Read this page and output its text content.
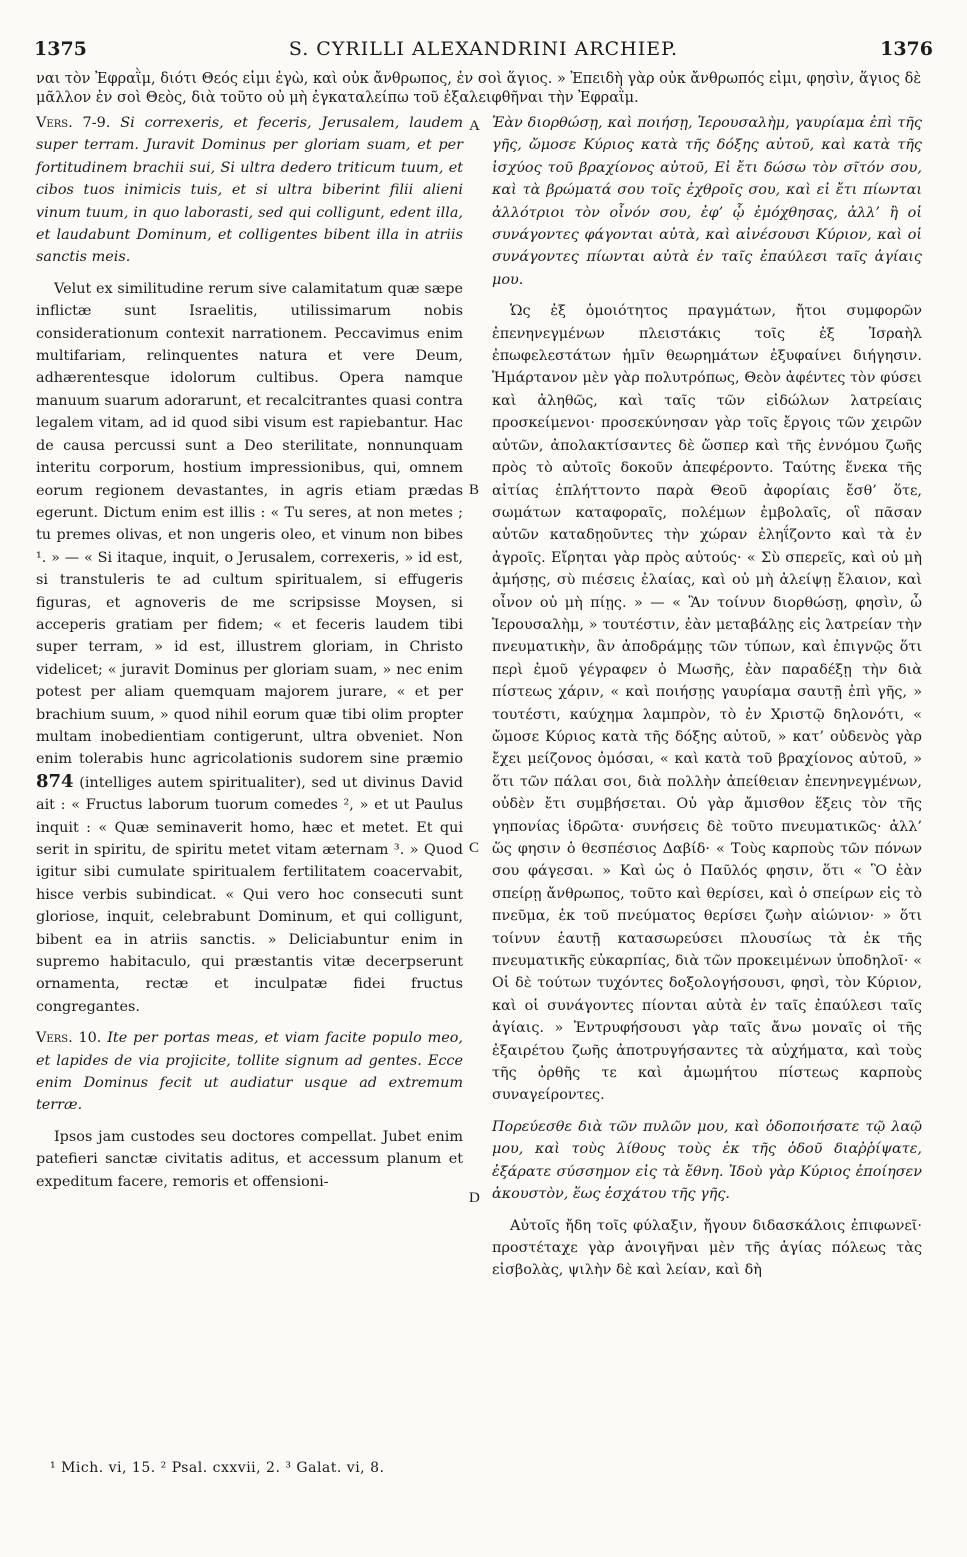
1375	S. CYRILLI ALEXANDRINI ARCHIEP.	1376

ναι τὸν Ἐφραῒμ, διότι Θεός εἰμι ἐγὼ, καὶ οὐκ ἄνθρωπος, ἐν σοὶ ἅγιος. » Ἐπειδὴ γὰρ οὐκ ἄνθρωπός εἰμι, φησὶν, ἅγιος δὲ μᾶλλον ἐν σοὶ Θεὸς, διὰ τοῦτο οὐ μὴ ἐγκαταλείπω τοῦ ἐξαλειφθῆναι τὴν Ἐφραῒμ.

Vers. 7-9. Si correxeris, et feceris, Jerusalem, laudem super terram. Juravit Dominus per gloriam suam, et per fortitudinem brachii sui, Si ultra dedero triticum tuum, et cibos tuos inimicis tuis, et si ultra biberint filii alieni vinum tuum, in quo laborasti, sed qui colligunt, edent illa, et laudabunt Dominum, et colligentes bibent illa in atriis sanctis meis.

Velut ex similitudine rerum sive calamitatum quæ sæpe inflictæ sunt Israelitis, utilissimarum nobis considerationum contexit narrationem. Peccavimus enim multifariam, relinquentes natura et vere Deum, adhærentesque idolorum cultibus. Opera namque manuum suarum adorarunt, et recalcitrantes quasi contra legalem vitam, ad id quod sibi visum est rapiebantur. Hac de causa percussi sunt a Deo sterilitate, nonnunquam interitu corporum, hostium impressionibus, qui, omnem eorum regionem devastantes, in agris etiam prædas egerunt. Dictum enim est illis : « Tu seres, at non metes ; tu premes olivas, et non ungeris oleo, et vinum non bibes ¹. » — « Si itaque, inquit, o Jerusalem, correxeris, » id est, si transtuleris te ad cultum spiritualem, si effugeris figuras, et agnoveris de me scripsisse Moysen, si acceperis gratiam per fidem; « et feceris laudem tibi super terram, » id est, illustrem gloriam, in Christo videlicet; « juravit Dominus per gloriam suam, » nec enim potest per aliam quemquam majorem jurare, « et per brachium suum, » quod nihil eorum quæ tibi olim propter multam inobedientiam contigerunt, ultra obveniet. Non enim tolerabis hunc agricolationis sudorem sine præmio 874 (intelliges autem spiritualiter), sed ut divinus David ait : « Fructus laborum tuorum comedes ², » et ut Paulus inquit : « Quæ seminaverit homo, hæc et metet. Et qui serit in spiritu, de spiritu metet vitam æternam ³. » Quod igitur sibi cumulate spiritualem fertilitatem coacervabit, hisce verbis subindicat. « Qui vero hoc consecuti sunt gloriose, inquit, celebrabunt Dominum, et qui colligunt, bibent ea in atriis sanctis. » Deliciabuntur enim in supremo habitaculo, qui præstantis vitæ decerpserunt ornamenta, rectæ et inculpatæ fidei fructus congregantes.

Vers. 10. Ite per portas meas, et viam facite populo meo, et lapides de via projicite, tollite signum ad gentes. Ecce enim Dominus fecit ut audiatur usque ad extremum terræ.

Ipsos jam custodes seu doctores compellat. Jubet enim patefieri sanctæ civitatis aditus, et accessum planum et expeditum facere, remoris et offensioni-

Ἐὰν διορθώσῃ, καὶ ποιήσῃ, Ἱερουσαλὴμ, γαυρίαμα ἐπὶ τῆς γῆς, ὤμοσε Κύριος κατὰ τῆς δόξης αὐτοῦ, καὶ κατὰ τῆς ἰσχύος τοῦ βραχίονος αὐτοῦ, Εἰ ἔτι δώσω τὸν σῖτόν σου, καὶ τὰ βρώματά σου τοῖς ἐχθροῖς σου, καὶ εἰ ἔτι πίωνται ἀλλότριοι τὸν οἶνόν σου, ἐφ’ ᾧ ἐμόχθησας, ἀλλ’ ἢ οἱ συνάγοντες φάγονται αὐτὰ, καὶ αἰνέσουσι Κύριον, καὶ οἱ συνάγοντες πίωνται αὐτὰ ἐν ταῖς ἐπαύλεσι ταῖς ἁγίαις μου.

Ὡς ἐξ ὁμοιότητος πραγμάτων, ἤτοι συμφορῶν ἐπενηνεγμένων πλειστάκις τοῖς ἐξ Ἰσραὴλ ἐπωφελεστάτων ἡμῖν θεωρημάτων ἐξυφαίνει διήγησιν. Ἡμάρτανον μὲν γὰρ πολυτρόπως, Θεὸν ἀφέντες τὸν φύσει καὶ ἀληθῶς, καὶ ταῖς τῶν εἰδώλων λατρείαις προσκείμενοι· προσεκύνησαν γὰρ τοῖς ἔργοις τῶν χειρῶν αὐτῶν, ἀπολακτίσαντες δὲ ὥσπερ καὶ τῆς ἐννόμου ζωῆς πρὸς τὸ αὐτοῖς δοκοῦν ἀπεφέροντο. Ταύτης ἕνεκα τῆς αἰτίας ἐπλήττοντο παρὰ Θεοῦ ἀφορίαις ἔσθ’ ὅτε, σωμάτων καταφοραῖς, πολέμων ἐμβολαῖς, οἳ πᾶσαν αὐτῶν καταδῃοῦντες τὴν χώραν ἐληΐζοντο καὶ τὰ ἐν ἀγροῖς. Εἴρηται γὰρ πρὸς αὐτούς· « Σὺ σπερεῖς, καὶ οὐ μὴ ἀμήσῃς, σὺ πιέσεις ἐλαίας, καὶ οὐ μὴ ἀλείψῃ ἔλαιον, καὶ οἶνον οὐ μὴ πίῃς. » — « Ἂν τοίνυν διορθώσῃ, φησὶν, ὦ Ἱερουσαλὴμ, » τουτέστιν, ἐὰν μεταβάλῃς εἰς λατρείαν τὴν πνευματικὴν, ἂν ἀποδράμῃς τῶν τύπων, καὶ ἐπιγνῷς ὅτι περὶ ἐμοῦ γέγραφεν ὁ Μωσῆς, ἐὰν παραδέξῃ τὴν διὰ πίστεως χάριν, « καὶ ποιήσῃς γαυρίαμα σαυτῇ ἐπὶ γῆς, » τουτέστι, καύχημα λαμπρὸν, τὸ ἐν Χριστῷ δηλονότι, « ὤμοσε Κύριος κατὰ τῆς δόξης αὐτοῦ, » κατ’ οὐδενὸς γὰρ ἔχει μείζονος ὀμόσαι, « καὶ κατὰ τοῦ βραχίονος αὐτοῦ, » ὅτι τῶν πάλαι σοι, διὰ πολλὴν ἀπείθειαν ἐπενηνεγμένων, οὐδὲν ἔτι συμβήσεται. Οὐ γὰρ ἄμισθον ἕξεις τὸν τῆς γηπονίας ἱδρῶτα· συνήσεις δὲ τοῦτο πνευματικῶς· ἀλλ’ ὥς φησιν ὁ θεσπέσιος Δαβίδ· « Τοὺς καρποὺς τῶν πόνων σου φάγεσαι. » Καὶ ὡς ὁ Παῦλός φησιν, ὅτι « Ὃ ἐὰν σπείρῃ ἄνθρωπος, τοῦτο καὶ θερίσει, καὶ ὁ σπείρων εἰς τὸ πνεῦμα, ἐκ τοῦ πνεύματος θερίσει ζωὴν αἰώνιον· » ὅτι τοίνυν ἑαυτῇ κατασωρεύσει πλουσίως τὰ ἐκ τῆς πνευματικῆς εὐκαρπίας, διὰ τῶν προκειμένων ὑποδηλοῖ· « Οἱ δὲ τούτων τυχόντες δοξολογήσουσι, φησὶ, τὸν Κύριον, καὶ οἱ συνάγοντες πίονται αὐτὰ ἐν ταῖς ἐπαύλεσι ταῖς ἁγίαις. » Ἐντρυφήσουσι γὰρ ταῖς ἄνω μοναῖς οἱ τῆς ἐξαιρέτου ζωῆς ἀποτρυγήσαντες τὰ αὐχήματα, καὶ τοὺς τῆς ὀρθῆς τε καὶ ἀμωμήτου πίστεως καρποὺς συναγείροντες.

Πορεύεσθε διὰ τῶν πυλῶν μου, καὶ ὁδοποιήσατε τῷ λαῷ μου, καὶ τοὺς λίθους τοὺς ἐκ τῆς ὁδοῦ διαῤῥίψατε, ἐξάρατε σύσσημον εἰς τὰ ἔθνη. Ἰδοὺ γὰρ Κύριος ἐποίησεν ἀκουστὸν, ἕως ἐσχάτου τῆς γῆς.

Αὐτοῖς ἤδη τοῖς φύλαξιν, ἤγουν διδασκάλοις ἐπιφωνεῖ· προστέταχε γὰρ ἀνοιγῆναι μὲν τῆς ἁγίας πόλεως τὰς εἰσβολὰς, ψιλὴν δὲ καὶ λείαν, καὶ δὴ

A
B
C
D
¹ Mich. vi, 15. ² Psal. cxxvii, 2. ³ Galat. vi, 8.
